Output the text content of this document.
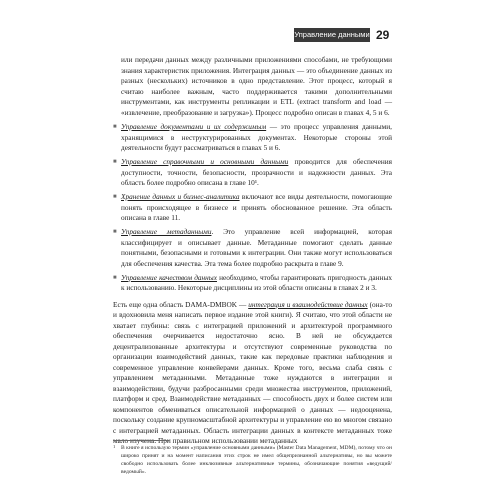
Управление данными 29

или передачи данных между различными приложениями способами, не требующими знания характеристик приложения. Интеграция данных — это объединение данных из разных (нескольких) источников в одно представление. Этот процесс, который я считаю наиболее важным, часто поддерживается такими дополнительными инструментами, как инструменты репликации и ETL (extract transform and load — «извлечение, преобразование и загрузка»). Процесс подробно описан в главах 4, 5 и 6.

■ Управление документами и их содержимым — это процесс управления данными, хранящимися в неструктурированных документах. Некоторые стороны этой деятельности будут рассматриваться в главах 5 и 6.
■ Управление справочными и основными данными проводится для обеспечения доступности, точности, безопасности, прозрачности и надежности данных. Эта область более подробно описана в главе 10¹.
■ Хранение данных и бизнес-аналитика включают все виды деятельности, помогающие понять происходящее в бизнесе и принять обоснованное решение. Эта область описана в главе 11.
■ Управление метаданными. Это управление всей информацией, которая классифицирует и описывает данные. Метаданные помогают сделать данные понятными, безопасными и готовыми к интеграции. Они также могут использоваться для обеспечения качества. Эта тема более подробно раскрыта в главе 9.
■ Управление качеством данных необходимо, чтобы гарантировать пригодность данных к использованию. Некоторые дисциплины из этой области описаны в главах 2 и 3.

Есть еще одна область DAMA-DMBOK — интеграция и взаимодействие данных (она-то и вдохновила меня написать первое издание этой книги). Я считаю, что этой области не хватает глубины: связь с интеграцией приложений и архитектурой программного обеспечения очерчивается недостаточно ясно. В ней не обсуждается децентрализованные архитектуры и отсутствуют современные руководства по организации взаимодействий данных, такие как передовые практики наблюдения и современное управление конвейерами данных. Кроме того, весьма слаба связь с управлением метаданными. Метаданные тоже нуждаются в интеграции и взаимодействии, будучи разбросанными среди множества инструментов, приложений, платформ и сред. Взаимодействие метаданных — способность двух и более систем или компонентов обмениваться описательной информацией о данных — недооценена, поскольку создание крупномасштабной архитектуры и управление ею во многом связано с интеграцией метаданных. Область интеграции данных в контексте метаданных тоже мало изучена. При правильном использовании метаданных

1	В книге я использую термин «управление основными данными» (Master Data Management, MDM), потому что он широко принят и на момент написания этих строк не имел общепризнанной альтернативы, но вы можете свободно использовать более инклюзивные альтернативные термины, обозначающие понятия «ведущий/ведомый».
